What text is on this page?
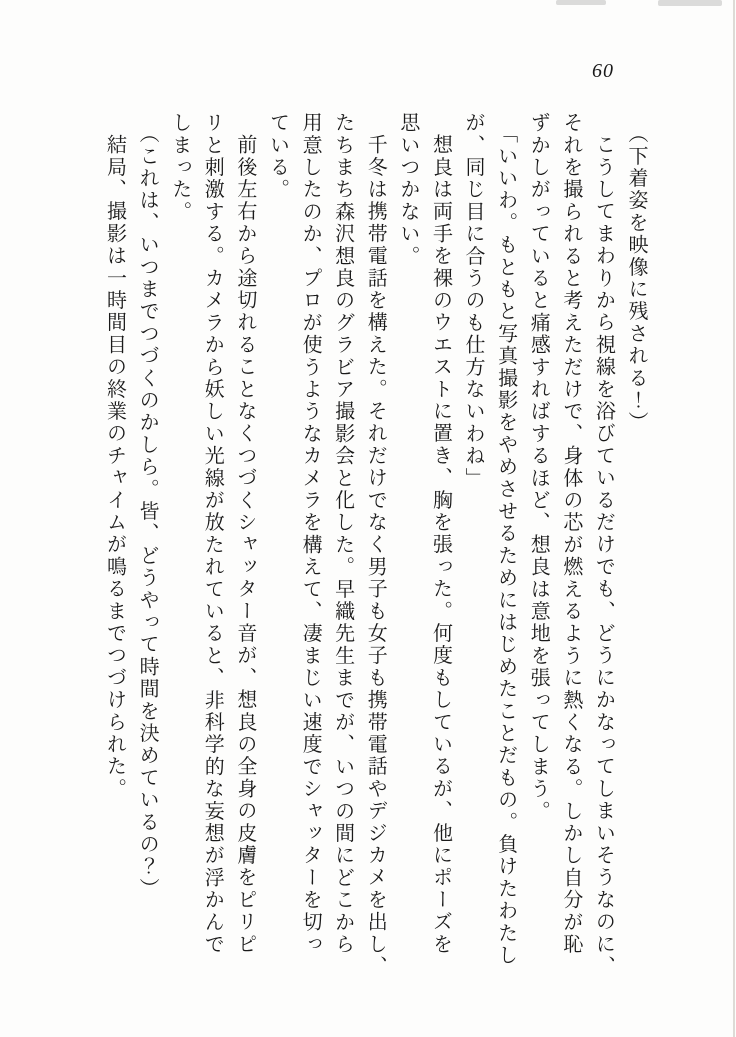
60
（下着姿を映像に残される！）
こうしてまわりから視線を浴びているだけでも、どうにかなってしまいそうなのに、
それを撮られると考えただけで、身体の芯が燃えるように熱くなる。しかし自分が恥
ずかしがっていると痛感すればするほど、想良は意地を張ってしまう。
「いいわ。もともと写真撮影をやめさせるためにはじめたことだもの。負けたわたし
が、同じ目に合うのも仕方ないわね」
想良は両手を裸のウエストに置き、胸を張った。何度もしているが、他にポーズを
思いつかない。
千冬は携帯電話を構えた。それだけでなく男子も女子も携帯電話やデジカメを出し、
たちまち森沢想良のグラビア撮影会と化した。早織先生までが、いつの間にどこから
用意したのか、プロが使うようなカメラを構えて、凄まじい速度でシャッターを切っ
ている。
前後左右から途切れることなくつづくシャッター音が、想良の全身の皮膚をピリピ
リと刺激する。カメラから妖しい光線が放たれていると、非科学的な妄想が浮かんで
しまった。
（これは、いつまでつづくのかしら。皆、どうやって時間を決めているの？）
結局、撮影は一時間目の終業のチャイムが鳴るまでつづけられた。
